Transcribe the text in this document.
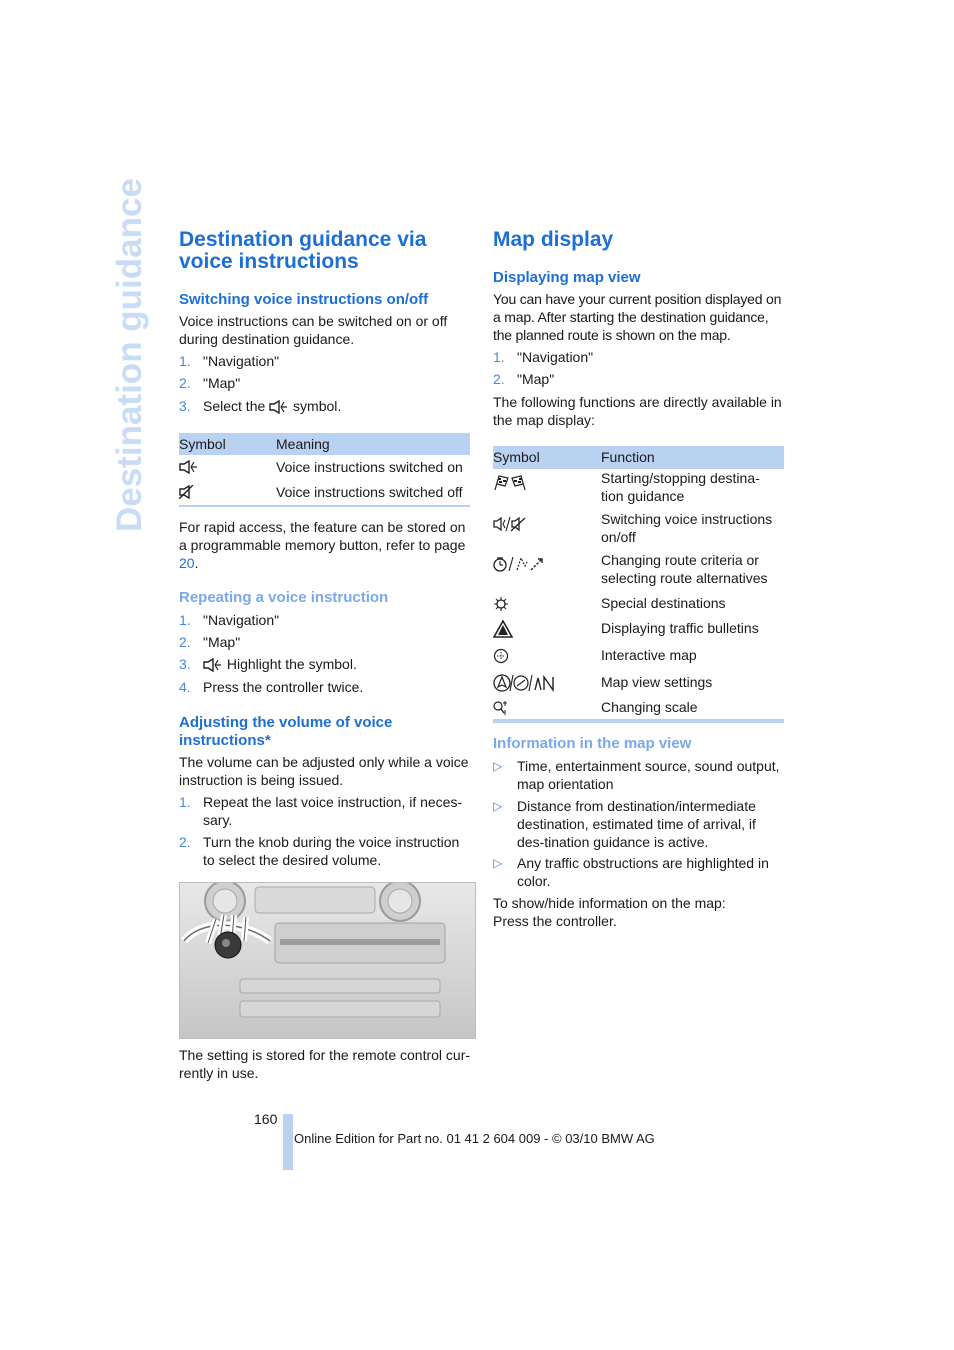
Destination guidance Destination guidance via voice instructions
Switching voice instructions on/off
Voice instructions can be switched on or off during destination guidance.
1. "Navigation"
2. "Map"
3. Select the symbol.
Symbol	Meaning
Voice instructions switched on
Voice instructions switched off
For rapid access, the feature can be stored on a programmable memory button, refer to page 20.
Repeating a voice instruction
1. "Navigation"
2. "Map"
3.	Highlight the symbol.
4. Press the controller twice.
Adjusting the volume of voice instructions*
The volume can be adjusted only while a voice instruction is being issued.
1. Repeat the last voice instruction, if neces-sary.
2. Turn the knob during the voice instruction to select the desired volume.
The setting is stored for the remote control cur-rently in use.
Map display
Displaying map view
You can have your current position displayed on a map. After starting the destination guidance, the planned route is shown on the map.
1. "Navigation"
2. "Map"
The following functions are directly available in the map display:
Symbol	Function
Starting/stopping destina-tion guidance
Switching voice instructions on/off
Changing route criteria or selecting route alternatives
Special destinations
Displaying traffic bulletins
Interactive map
Map view settings
Changing scale
Information in the map view
▷ Time, entertainment source, sound output, map orientation
▷ Distance from destination/intermediate destination, estimated time of arrival, if des-tination guidance is active.
▷ Any traffic obstructions are highlighted in color.
To show/hide information on the map:
Press the controller.
160
Online Edition for Part no. 01 41 2 604 009 - © 03/10 BMW AG
